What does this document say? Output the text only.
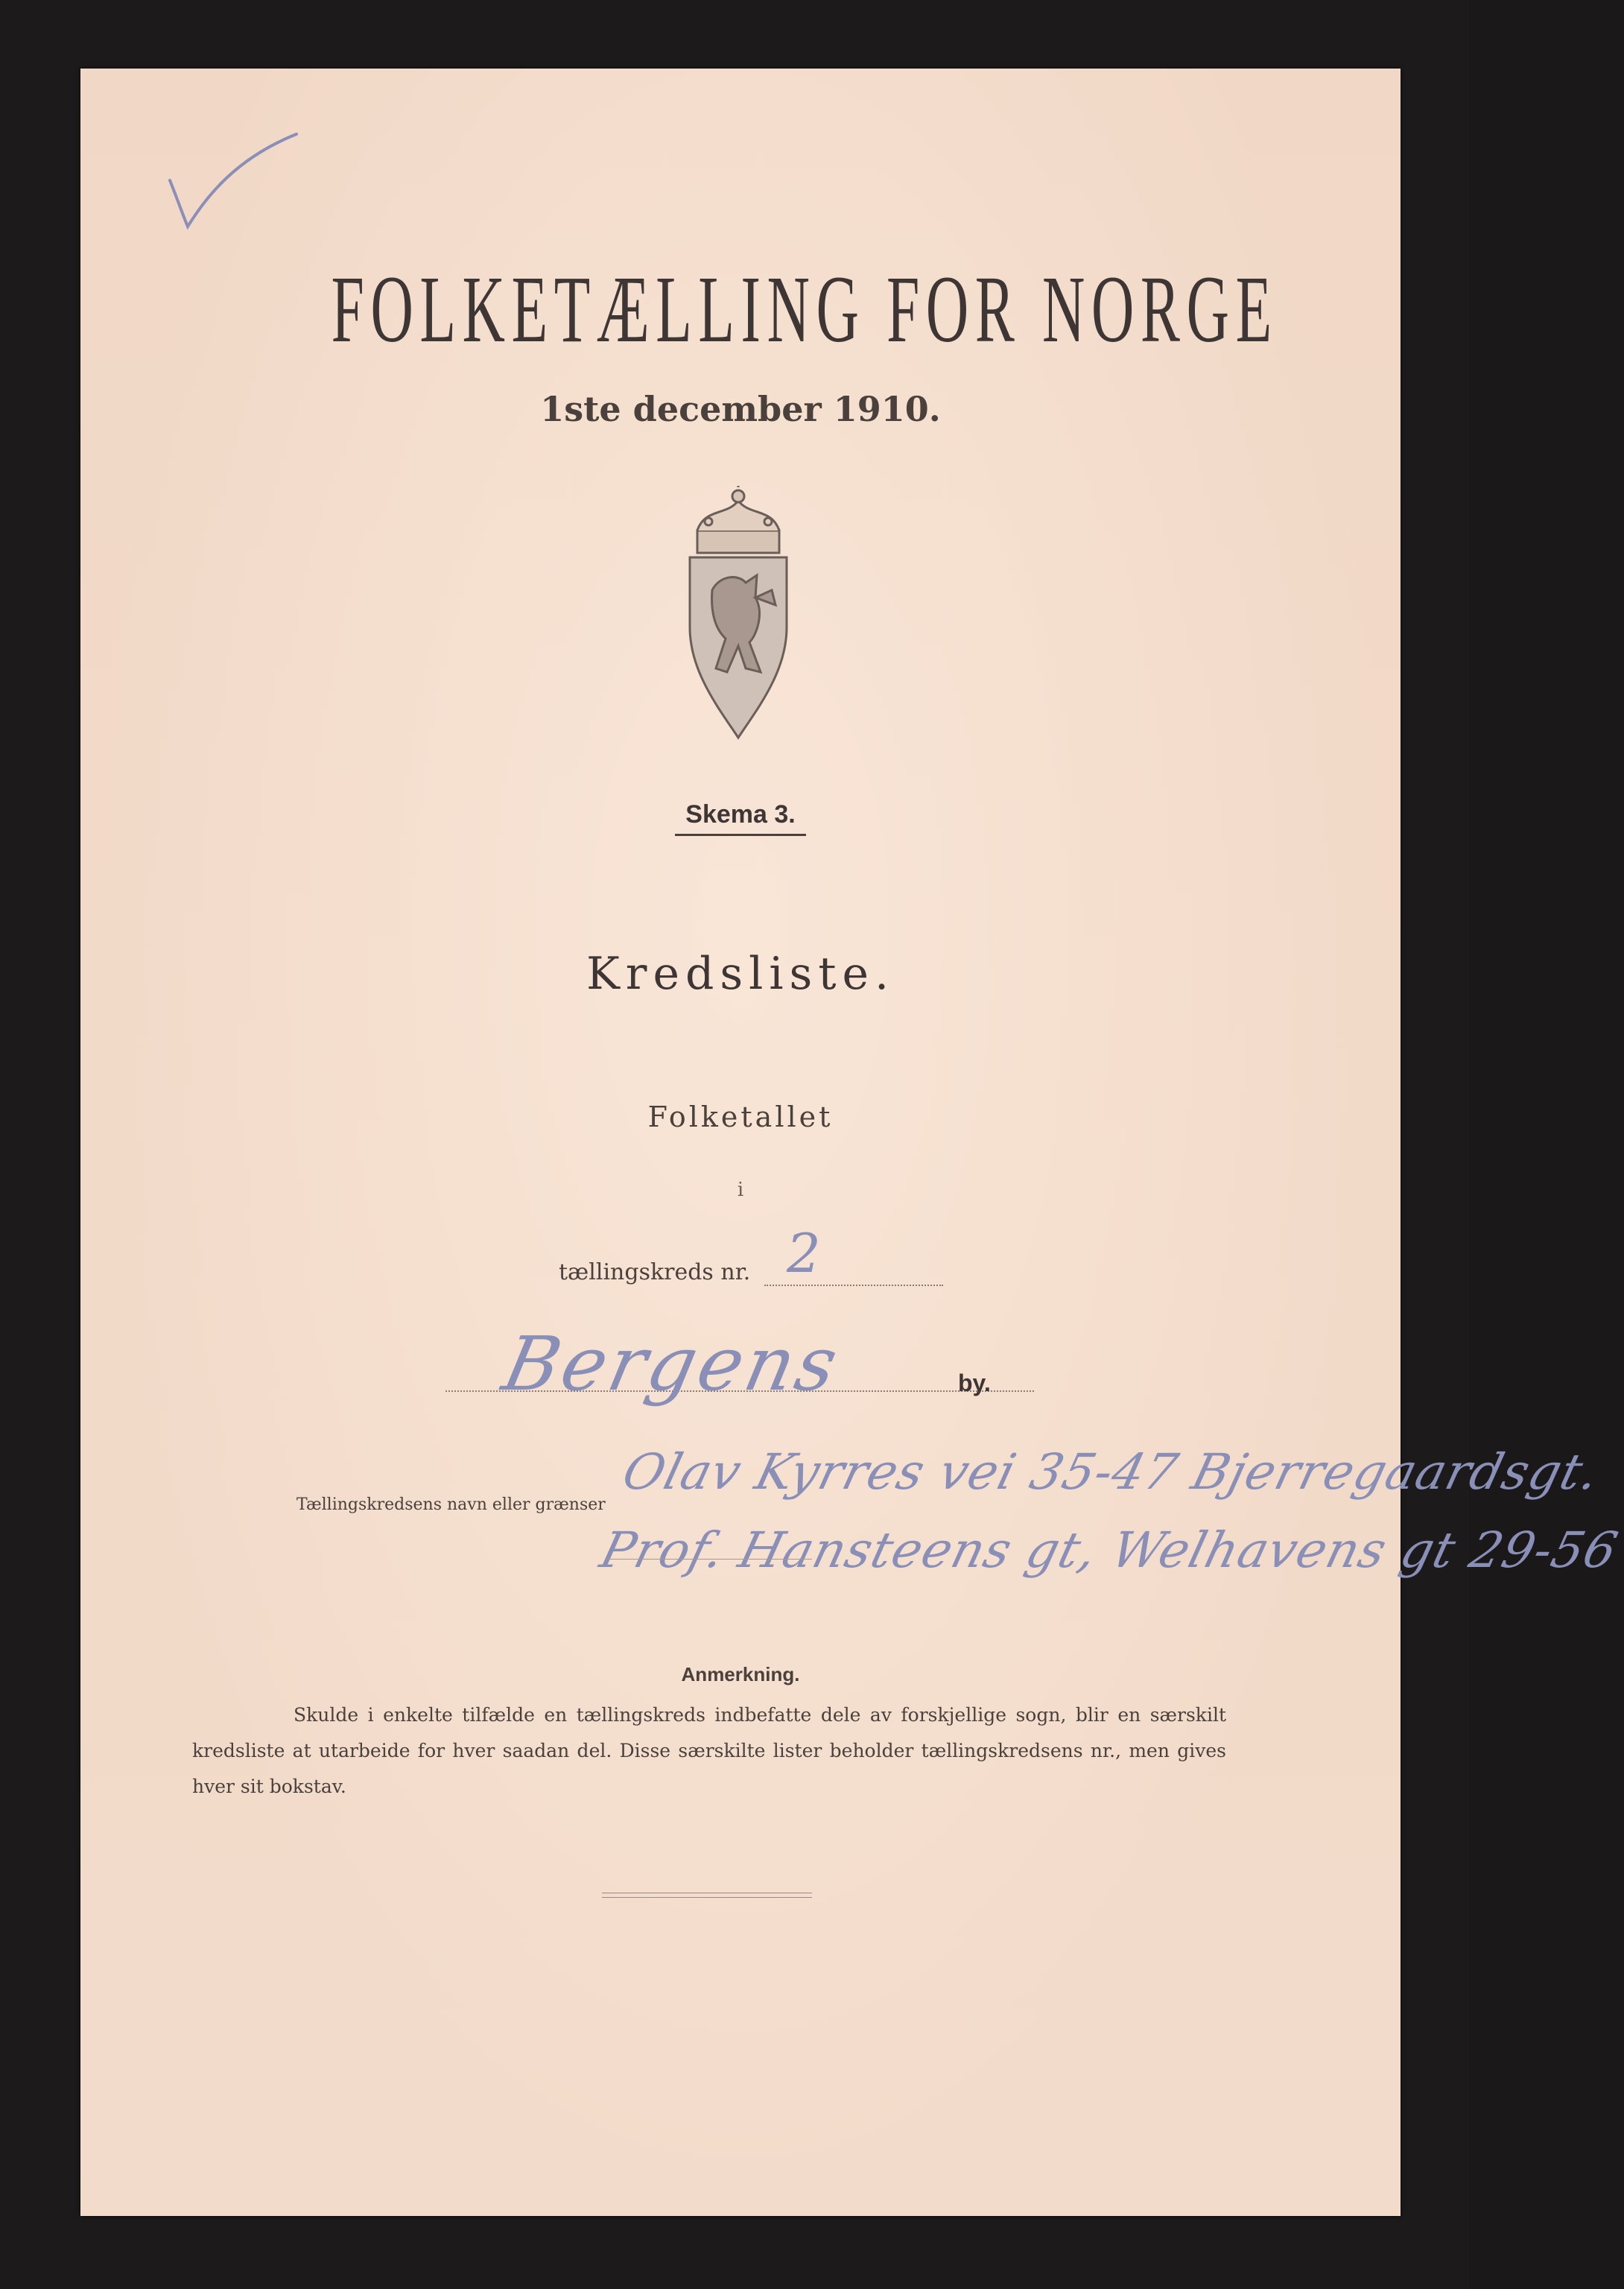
FOLKETÆLLING FOR NORGE
1ste december 1910.
Skema 3.
Kredsliste.
Folketallet
i
tællingskreds nr. 2
Bergens	by.
Tællingskredsens navn eller grænser
Olav Kyrres vei 35-47 Bjerregaardsgt.
Prof. Hansteens gt, Welhavens gt 29-56
Anmerkning.
Skulde i enkelte tilfælde en tællingskreds indbefatte dele av forskjellige sogn, blir en særskilt kredsliste at utarbeide for hver saadan del. Disse særskilte lister beholder tællingskredsens nr., men gives hver sit bokstav.
